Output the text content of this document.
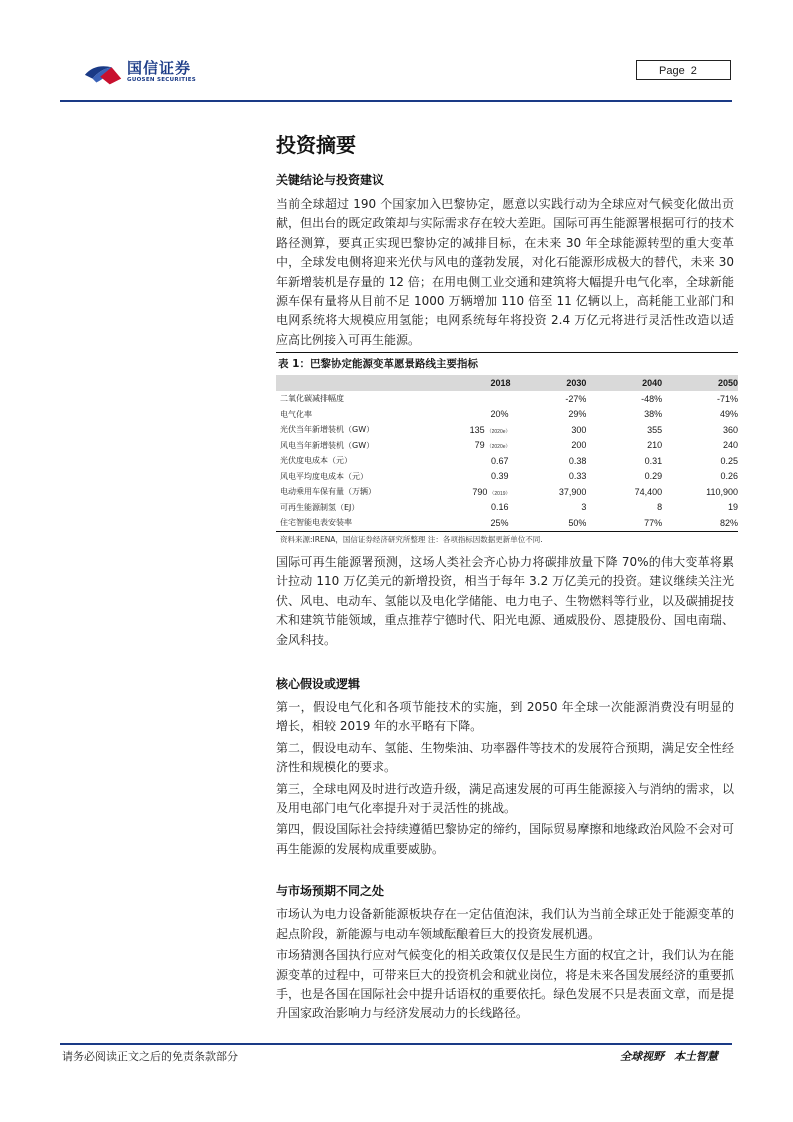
国信证券
GUOSEN SECURITIES
Page 2
投资摘要
关键结论与投资建议

当前全球超过 190 个国家加入巴黎协定，愿意以实践行动为全球应对气候变化做出贡献，但出台的既定政策却与实际需求存在较大差距。国际可再生能源署根据可行的技术路径测算，要真正实现巴黎协定的减排目标，在未来 30 年全球能源转型的重大变革中，全球发电侧将迎来光伏与风电的蓬勃发展，对化石能源形成极大的替代，未来 30 年新增装机是存量的 12 倍；在用电侧工业交通和建筑将大幅提升电气化率，全球新能源车保有量将从目前不足 1000 万辆增加 110 倍至 11 亿辆以上，高耗能工业部门和电网系统将大规模应用氢能；电网系统每年将投资 2.4 万亿元将进行灵活性改造以适应高比例接入可再生能源。

表 1：巴黎协定能源变革愿景路线主要指标
	2018	2030	2040	2050
二氧化碳减排幅度		-27%	-48%	-71%
电气化率	20%	29%	38%	49%
光伏当年新增装机（GW）	135 （2020e）	300	355	360
风电当年新增装机（GW）	79 （2020e）	200	210	240
光伏度电成本（元）	0.67	0.38	0.31	0.25
风电平均度电成本（元）	0.39	0.33	0.29	0.26
电动乘用车保有量（万辆）	790 （2019）	37,900	74,400	110,900
可再生能源制氢（EJ）	0.16	3	8	19
住宅智能电表安装率	25%	50%	77%	82%
资料来源:IRENA，国信证券经济研究所整理 注：各项指标因数据更新单位不同.

国际可再生能源署预测，这场人类社会齐心协力将碳排放量下降 70%的伟大变革将累计拉动 110 万亿美元的新增投资，相当于每年 3.2 万亿美元的投资。建议继续关注光伏、风电、电动车、氢能以及电化学储能、电力电子、生物燃料等行业，以及碳捕捉技术和建筑节能领域，重点推荐宁德时代、阳光电源、通威股份、恩捷股份、国电南瑞、金风科技。

核心假设或逻辑

第一，假设电气化和各项节能技术的实施，到 2050 年全球一次能源消费没有明显的增长，相较 2019 年的水平略有下降。

第二，假设电动车、氢能、生物柴油、功率器件等技术的发展符合预期，满足安全性经济性和规模化的要求。

第三，全球电网及时进行改造升级，满足高速发展的可再生能源接入与消纳的需求，以及用电部门电气化率提升对于灵活性的挑战。

第四，假设国际社会持续遵循巴黎协定的缔约，国际贸易摩擦和地缘政治风险不会对可再生能源的发展构成重要威胁。

与市场预期不同之处

市场认为电力设备新能源板块存在一定估值泡沫，我们认为当前全球正处于能源变革的起点阶段，新能源与电动车领域酝酿着巨大的投资发展机遇。

市场猜测各国执行应对气候变化的相关政策仅仅是民生方面的权宜之计，我们认为在能源变革的过程中，可带来巨大的投资机会和就业岗位，将是未来各国发展经济的重要抓手，也是各国在国际社会中提升话语权的重要依托。绿色发展不只是表面文章，而是提升国家政治影响力与经济发展动力的长线路径。

请务必阅读正文之后的免责条款部分	全球视野 本土智慧
